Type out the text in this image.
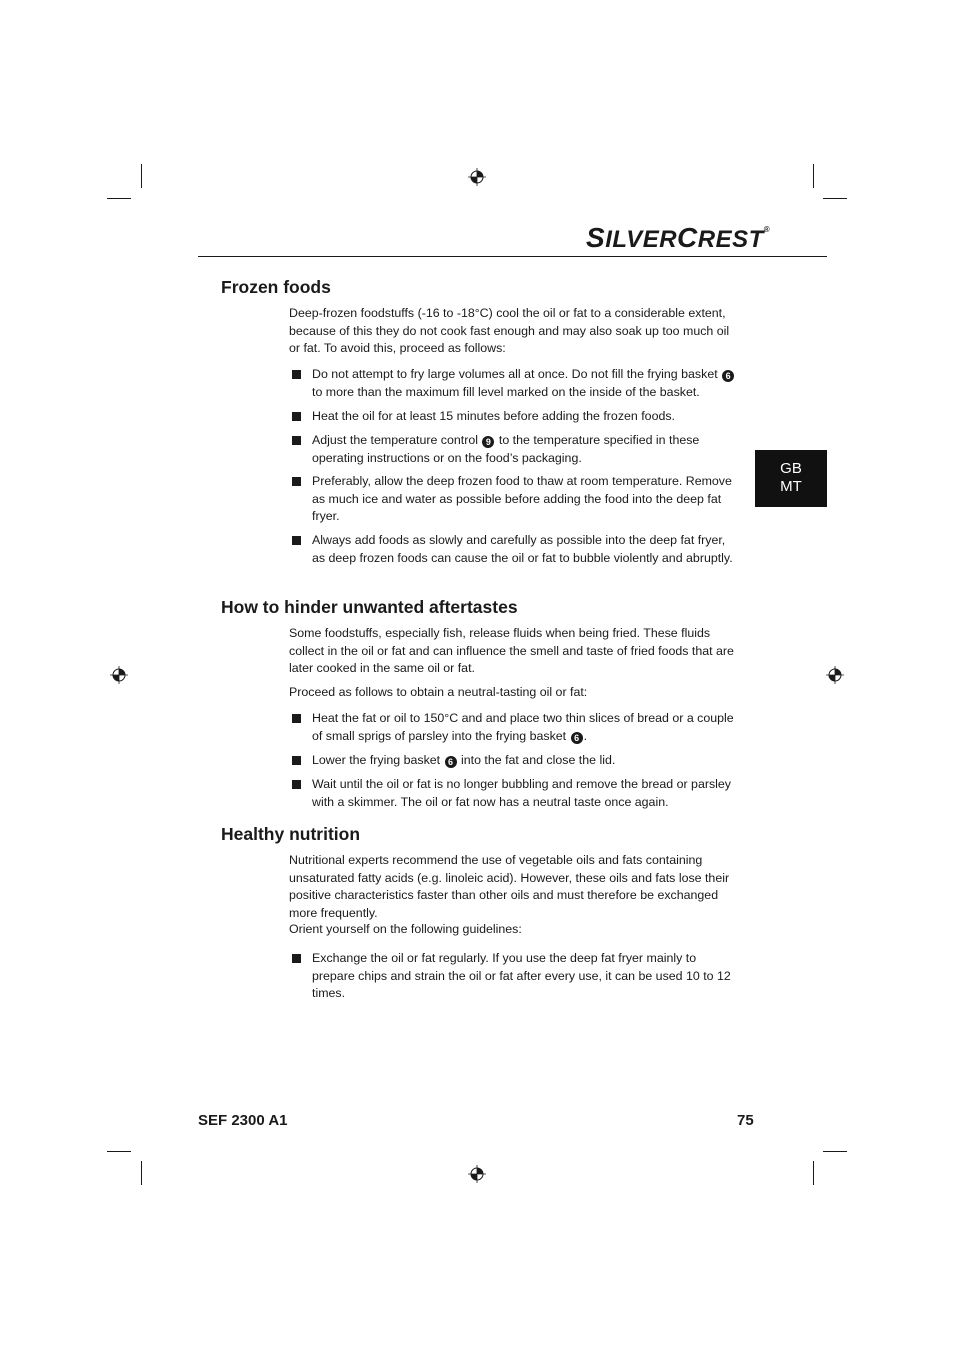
SILVERCREST®
GB
MT
Frozen foods

Deep-frozen foodstuffs (-16 to -18°C) cool the oil or fat to a considerable extent, because of this they do not cook fast enough and may also soak up too much oil or fat. To avoid this, proceed as follows:

Do not attempt to fry large volumes all at once. Do not fill the frying basket 6 to more than the maximum fill level marked on the inside of the basket.
Heat the oil for at least 15 minutes before adding the frozen foods.
Adjust the temperature control 9 to the temperature specified in these operating instructions or on the food’s packaging.
Preferably, allow the deep frozen food to thaw at room temperature. Remove as much ice and water as possible before adding the food into the deep fat fryer.
Always add foods as slowly and carefully as possible into the deep fat fryer, as deep frozen foods can cause the oil or fat to bubble violently and abruptly.
How to hinder unwanted aftertastes

Some foodstuffs, especially fish, release fluids when being fried. These fluids collect in the oil or fat and can influence the smell and taste of fried foods that are later cooked in the same oil or fat.

Proceed as follows to obtain a neutral-tasting oil or fat:

Heat the fat or oil to 150°C and and place two thin slices of bread or a couple of small sprigs of parsley into the frying basket 6 .
Lower the frying basket 6 into the fat and close the lid.
Wait until the oil or fat is no longer bubbling and remove the bread or parsley with a skimmer. The oil or fat now has a neutral taste once again.
Healthy nutrition

Nutritional experts recommend the use of vegetable oils and fats containing unsaturated fatty acids (e.g. linoleic acid). However, these oils and fats lose their positive characteristics faster than other oils and must therefore be exchanged more frequently.

Orient yourself on the following guidelines:

Exchange the oil or fat regularly. If you use the deep fat fryer mainly to prepare chips and strain the oil or fat after every use, it can be used 10 to 12 times.
SEF 2300 A1	75
